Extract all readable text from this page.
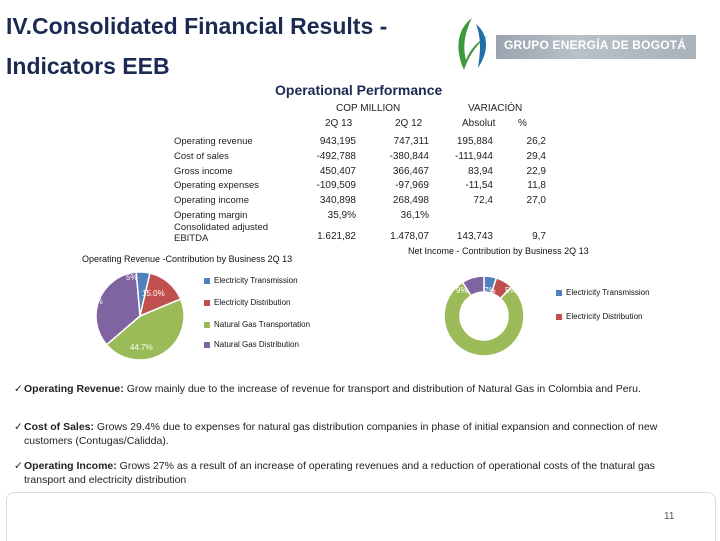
IV.Consolidated Financial Results -
Indicators EEB
GRUPO ENERGÍA DE BOGOTÁ
Operational Performance
COP MILLION	VARIACIÓN
2Q 13	2Q 12	Absolut %
Operating revenue	943,195	747,311	195,884	26,2
Cost of sales	-492,788	-380,844	-111,944	29,4
Gross income	450,407	366,467	83,94	22,9
Operating expenses	-109,509	-97,969	-11,54	11,8
Operating income	340,898	268,498	72,4	27,0
Operating margin	35,9%	36,1%
Consolidated adjusted EBITDA	1.621,82	1.478,07	143,743	9,7
Operating Revenue -Contribution by Business 2Q 13
5%
15.0%
44.7%
34.7%
Electricity Transmission
Electricity Distribution
Natural Gas Transportation
Natural Gas Distribution
Net Income - Contribution by Business 2Q 13
5%
7%
79%
9%	Electricity Transmission
Electricity Distribution
✓ Operating Revenue: Grow mainly due to the increase of revenue for transport and distribution of Natural Gas in Colombia and Peru.
✓ Cost of Sales: Grows 29.4% due to expenses for natural gas distribution companies in phase of initial expansion and connection of new customers (Contugas/Calidda).
✓ Operating Income: Grows 27% as a result of an increase of operating revenues and a reduction of operational costs of the tnatural gas transport and electricity distribution
11
